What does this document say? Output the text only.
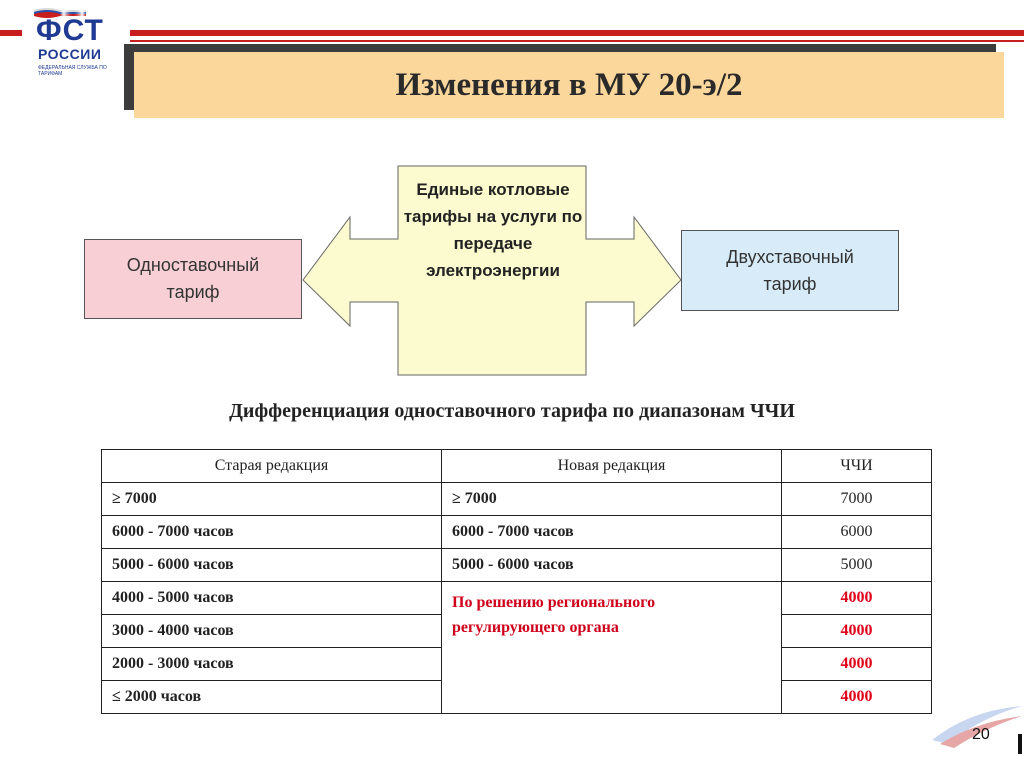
ФСТ
РОССИИ
ФЕДЕРАЛЬНАЯ СЛУЖБА ПО ТАРИФАМ	Изменения в МУ 20-э/2
Одноставочный тариф
Двухставочный тариф
Единые котловые тарифы на услуги по передаче электроэнергии
Дифференциация одноставочного тарифа по диапазонам ЧЧИ
Старая редакция	Новая редакция	ЧЧИ
≥ 7000	≥ 7000	7000
6000 - 7000 часов	6000 - 7000 часов	6000
5000 - 6000 часов	5000 - 6000 часов	5000
4000 - 5000 часов	По решению регионального регулирующего органа	4000
3000 - 4000 часов		4000
2000 - 3000 часов		4000
≤ 2000 часов		4000
20
